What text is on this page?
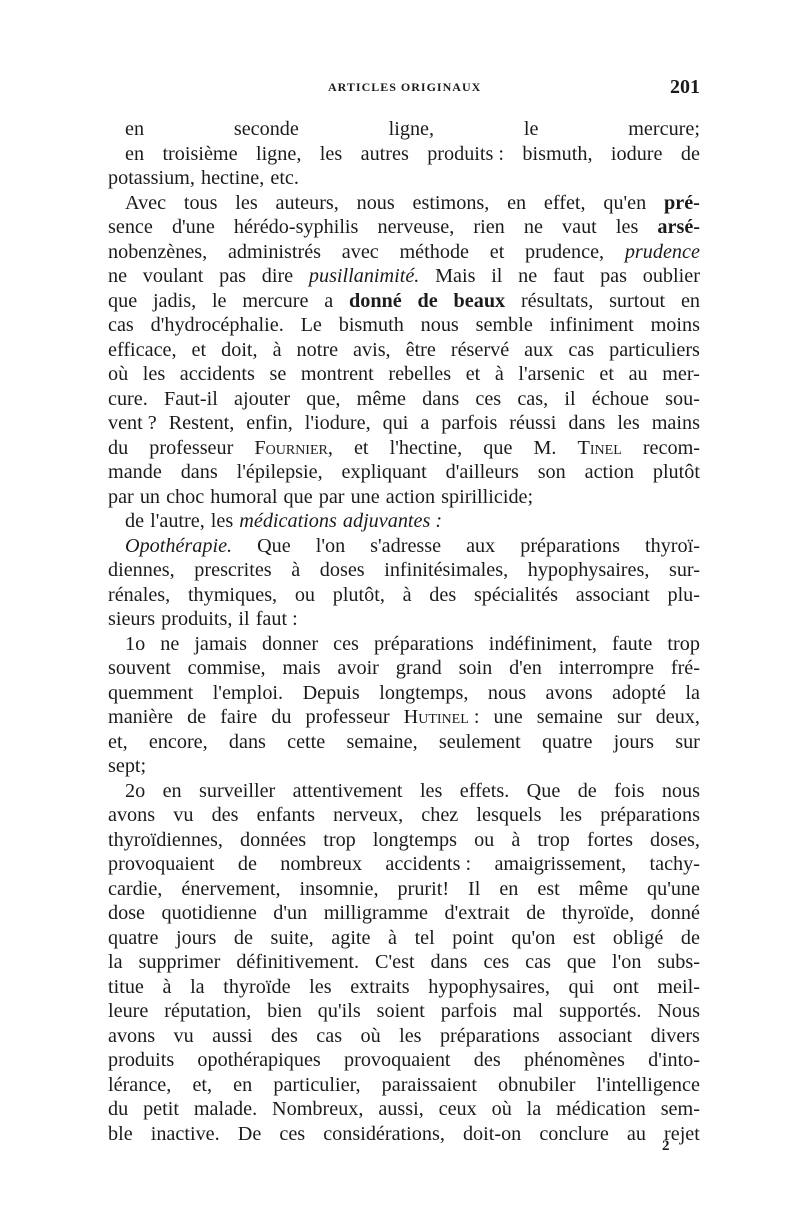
ARTICLES ORIGINAUX	201
en	seconde	ligne,	le	mercure;
en troisième ligne, les autres produits : bismuth, iodure de
potassium, hectine, etc.
Avec tous les auteurs, nous estimons, en effet, qu'en pré-
sence d'une hérédo-syphilis nerveuse, rien ne vaut les arsé-
nobenzènes, administrés avec méthode et prudence, prudence
ne voulant pas dire pusillanimité. Mais il ne faut pas oublier
que jadis, le mercure a donné de beaux résultats, surtout en
cas d'hydrocéphalie. Le bismuth nous semble infiniment moins
efficace, et doit, à notre avis, être réservé aux cas particuliers
où les accidents se montrent rebelles et à l'arsenic et au mer-
cure. Faut-il ajouter que, même dans ces cas, il échoue sou-
vent ? Restent, enfin, l'iodure, qui a parfois réussi dans les mains
du professeur Fournier, et l'hectine, que M. Tinel recom-
mande dans l'épilepsie, expliquant d'ailleurs son action plutôt
par un choc humoral que par une action spirillicide;
de l'autre, les médications adjuvantes :
Opothérapie. Que l'on s'adresse aux préparations thyroï-
diennes, prescrites à doses infinitésimales, hypophysaires, sur-
rénales, thymiques, ou plutôt, à des spécialités associant plu-
sieurs produits, il faut :
1o ne jamais donner ces préparations indéfiniment, faute trop
souvent commise, mais avoir grand soin d'en interrompre fré-
quemment l'emploi. Depuis longtemps, nous avons adopté la
manière de faire du professeur Hutinel : une semaine sur deux,
et, encore, dans cette semaine, seulement quatre jours sur
sept;
2o en surveiller attentivement les effets. Que de fois nous
avons vu des enfants nerveux, chez lesquels les préparations
thyroïdiennes, données trop longtemps ou à trop fortes doses,
provoquaient de nombreux accidents : amaigrissement, tachy-
cardie, énervement, insomnie, prurit! Il en est même qu'une
dose quotidienne d'un milligramme d'extrait de thyroïde, donné
quatre jours de suite, agite à tel point qu'on est obligé de
la supprimer définitivement. C'est dans ces cas que l'on subs-
titue à la thyroïde les extraits hypophysaires, qui ont meil-
leure réputation, bien qu'ils soient parfois mal supportés. Nous
avons vu aussi des cas où les préparations associant divers
produits opothérapiques provoquaient des phénomènes d'into-
lérance, et, en particulier, paraissaient obnubiler l'intelligence
du petit malade. Nombreux, aussi, ceux où la médication sem-
ble inactive. De ces considérations, doit-on conclure au rejet
2
